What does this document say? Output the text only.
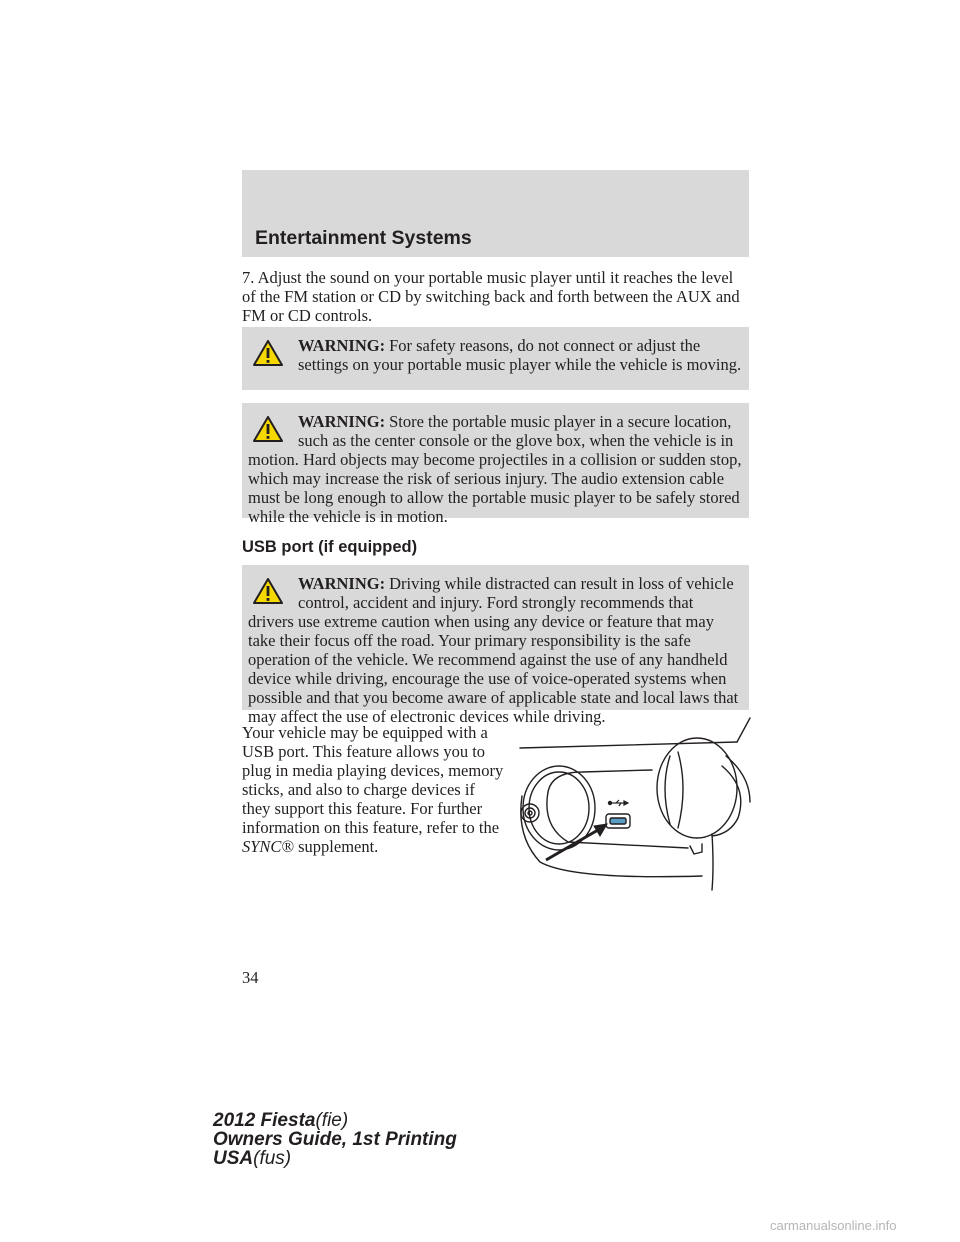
Entertainment Systems

7. Adjust the sound on your portable music player until it reaches the level of the FM station or CD by switching back and forth between the AUX and FM or CD controls.

WARNING: For safety reasons, do not connect or adjust the settings on your portable music player while the vehicle is moving.

WARNING: Store the portable music player in a secure location, such as the center console or the glove box, when the vehicle is in motion. Hard objects may become projectiles in a collision or sudden stop, which may increase the risk of serious injury. The audio extension cable must be long enough to allow the portable music player to be safely stored while the vehicle is in motion.

USB port (if equipped)

WARNING: Driving while distracted can result in loss of vehicle control, accident and injury. Ford strongly recommends that drivers use extreme caution when using any device or feature that may take their focus off the road. Your primary responsibility is the safe operation of the vehicle. We recommend against the use of any handheld device while driving, encourage the use of voice-operated systems when possible and that you become aware of applicable state and local laws that may affect the use of electronic devices while driving.

Your vehicle may be equipped with a USB port. This feature allows you to plug in media playing devices, memory sticks, and also to charge devices if they support this feature. For further information on this feature, refer to the SYNC® supplement.

34

2012 Fiesta(fie)
Owners Guide, 1st Printing
USA(fus)

carmanualsonline.info
